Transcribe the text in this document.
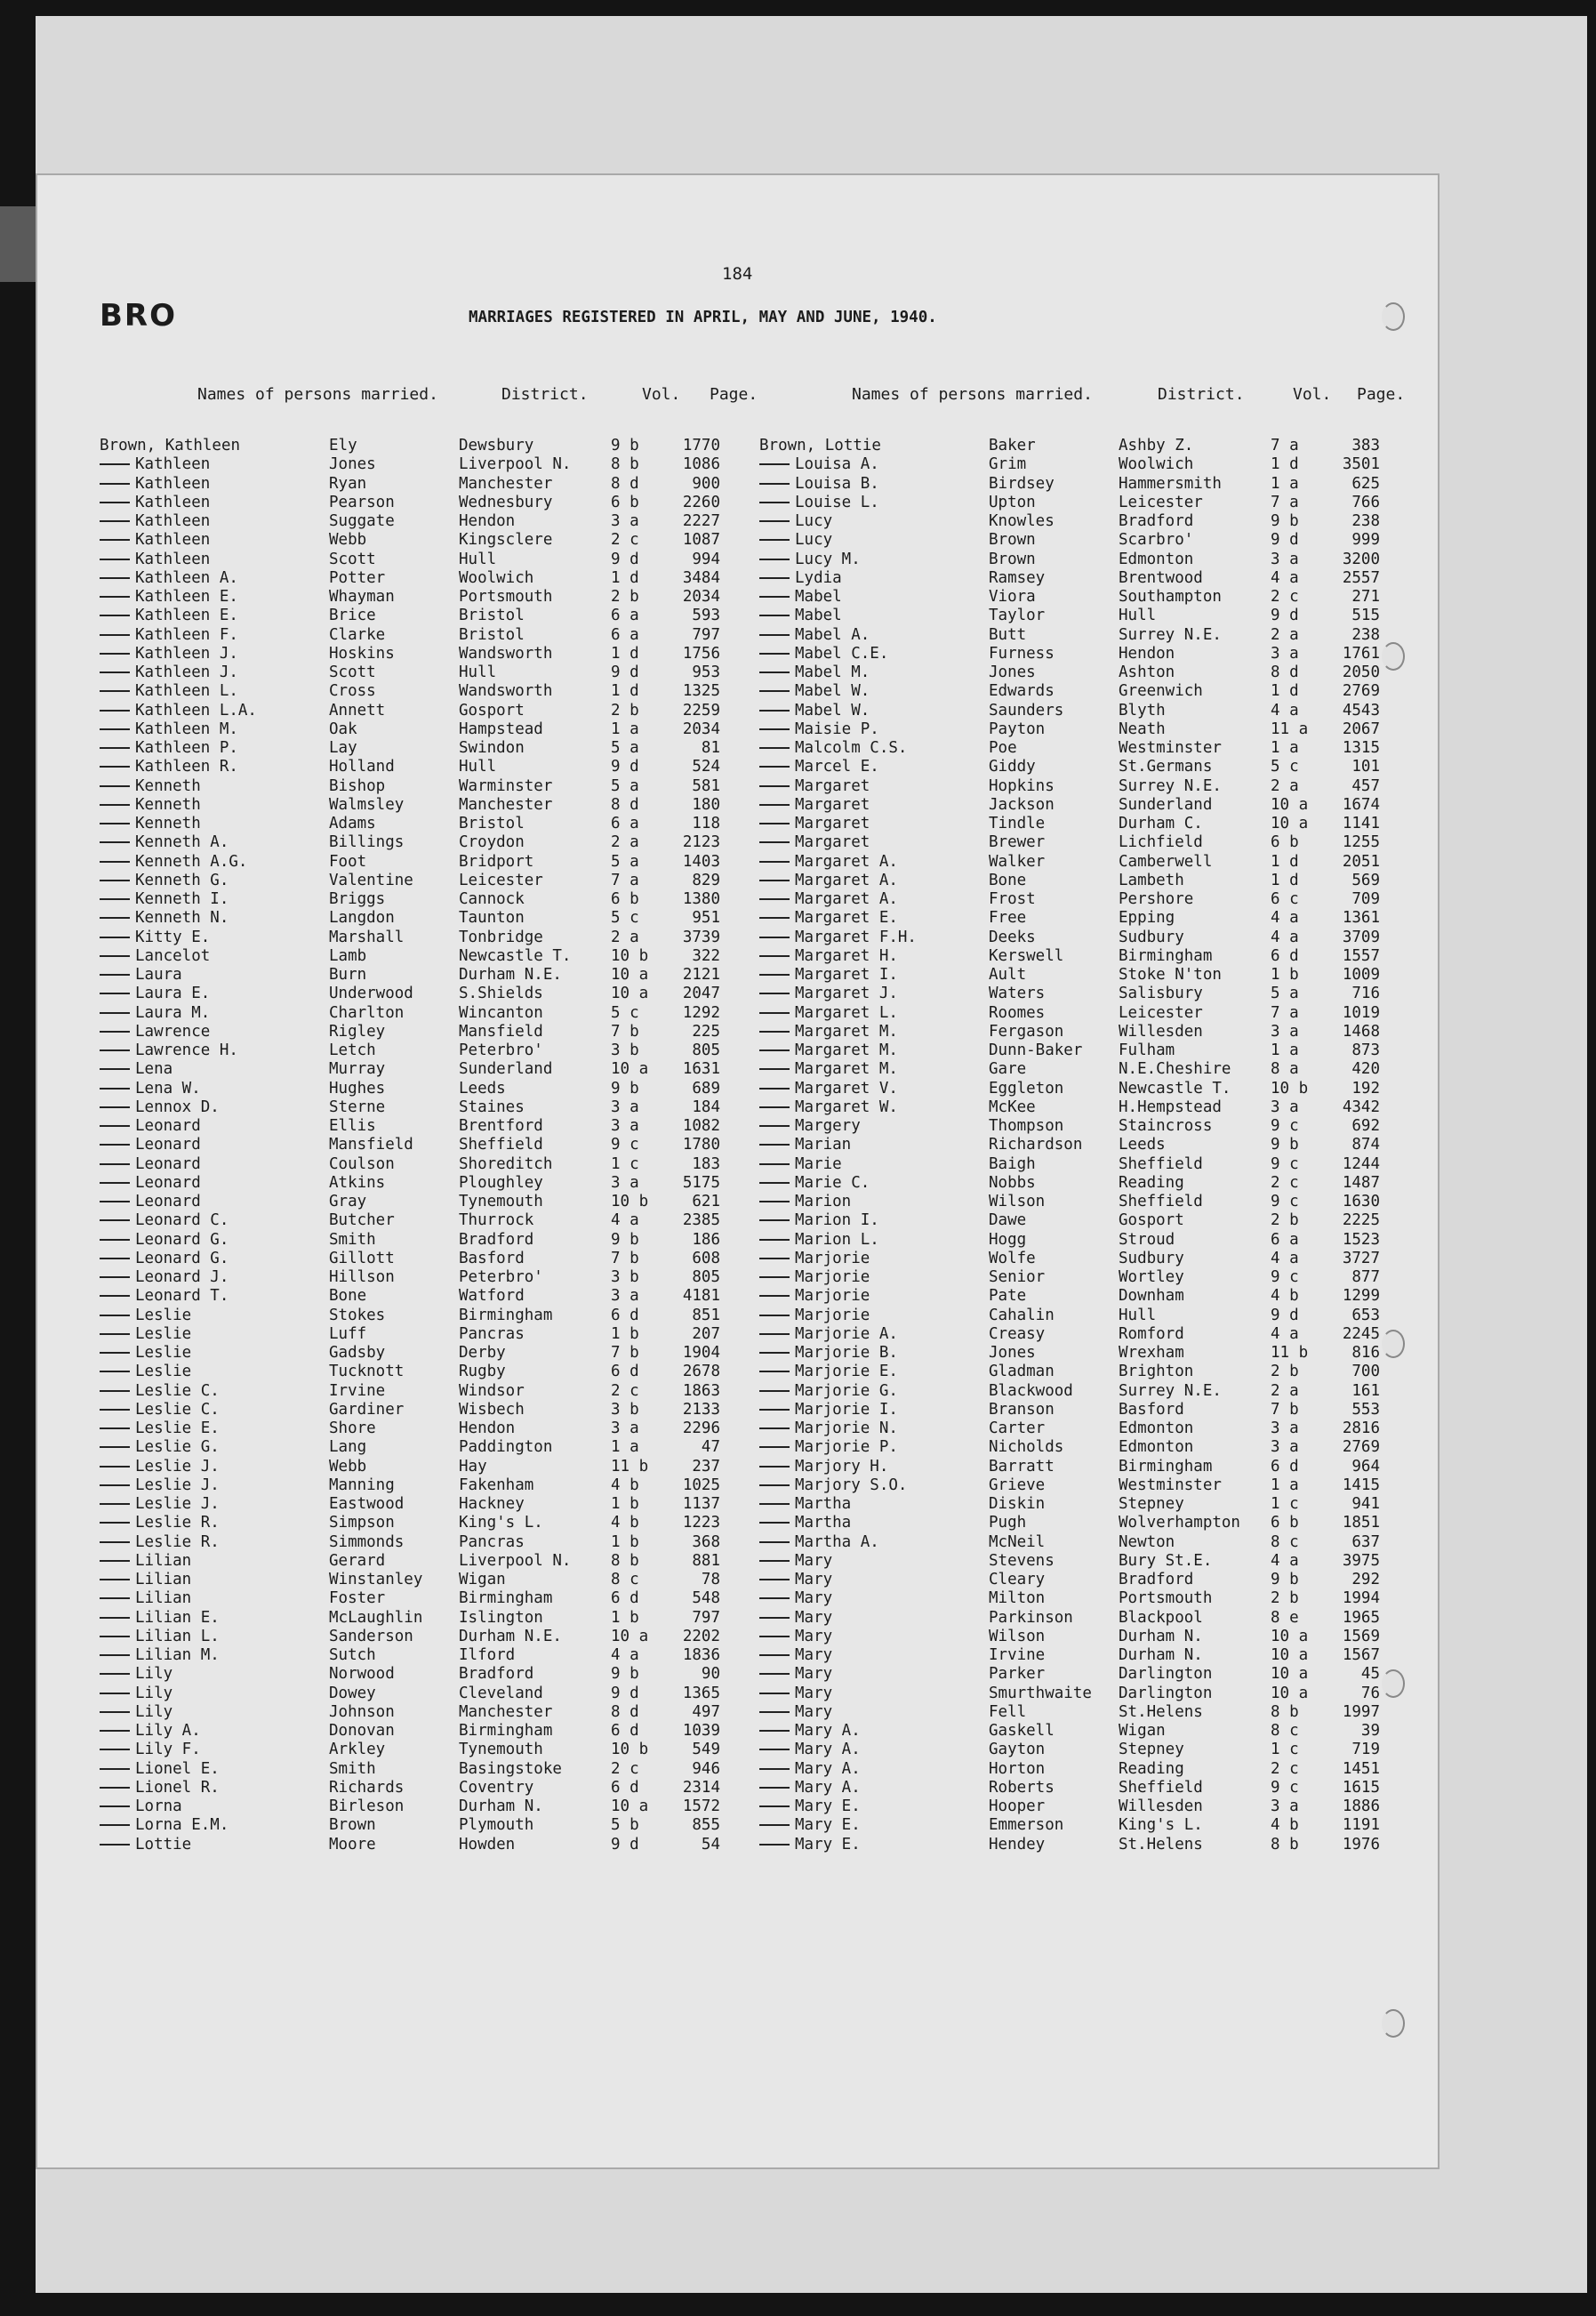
184
BRO	MARRIAGES REGISTERED IN APRIL, MAY AND JUNE, 1940.
Names of persons married.	District.	Vol. Page.
Brown, Kathleen	Ely	Dewsbury	9 b	1770
Kathleen	Jones	Liverpool N.	8 b	1086
Kathleen	Ryan	Manchester	8 d	900
Kathleen	Pearson	Wednesbury	6 b	2260
Kathleen	Suggate	Hendon	3 a	2227
Kathleen	Webb	Kingsclere	2 c	1087
Kathleen	Scott	Hull	9 d	994
Kathleen A.	Potter	Woolwich	1 d	3484
Kathleen E.	Whayman	Portsmouth	2 b	2034
Kathleen E.	Brice	Bristol	6 a	593
Kathleen F.	Clarke	Bristol	6 a	797
Kathleen J.	Hoskins	Wandsworth	1 d	1756
Kathleen J.	Scott	Hull	9 d	953
Kathleen L.	Cross	Wandsworth	1 d	1325
Kathleen L.A.	Annett	Gosport	2 b	2259
Kathleen M.	Oak	Hampstead	1 a	2034
Kathleen P.	Lay	Swindon	5 a	81
Kathleen R.	Holland	Hull	9 d	524
Kenneth	Bishop	Warminster	5 a	581
Kenneth	Walmsley	Manchester	8 d	180
Kenneth	Adams	Bristol	6 a	118
Kenneth A.	Billings	Croydon	2 a	2123
Kenneth A.G.	Foot	Bridport	5 a	1403
Kenneth G.	Valentine	Leicester	7 a	829
Kenneth I.	Briggs	Cannock	6 b	1380
Kenneth N.	Langdon	Taunton	5 c	951
Kitty E.	Marshall	Tonbridge	2 a	3739
Lancelot	Lamb	Newcastle T.	10 b	322
Laura	Burn	Durham N.E.	10 a	2121
Laura E.	Underwood	S.Shields	10 a	2047
Laura M.	Charlton	Wincanton	5 c	1292
Lawrence	Rigley	Mansfield	7 b	225
Lawrence H.	Letch	Peterbro'	3 b	805
Lena	Murray	Sunderland	10 a	1631
Lena W.	Hughes	Leeds	9 b	689
Lennox D.	Sterne	Staines	3 a	184
Leonard	Ellis	Brentford	3 a	1082
Leonard	Mansfield	Sheffield	9 c	1780
Leonard	Coulson	Shoreditch	1 c	183
Leonard	Atkins	Ploughley	3 a	5175
Leonard	Gray	Tynemouth	10 b	621
Leonard C.	Butcher	Thurrock	4 a	2385
Leonard G.	Smith	Bradford	9 b	186
Leonard G.	Gillott	Basford	7 b	608
Leonard J.	Hillson	Peterbro'	3 b	805
Leonard T.	Bone	Watford	3 a	4181
Leslie	Stokes	Birmingham	6 d	851
Leslie	Luff	Pancras	1 b	207
Leslie	Gadsby	Derby	7 b	1904
Leslie	Tucknott	Rugby	6 d	2678
Leslie C.	Irvine	Windsor	2 c	1863
Leslie C.	Gardiner	Wisbech	3 b	2133
Leslie E.	Shore	Hendon	3 a	2296
Leslie G.	Lang	Paddington	1 a	47
Leslie J.	Webb	Hay	11 b	237
Leslie J.	Manning	Fakenham	4 b	1025
Leslie J.	Eastwood	Hackney	1 b	1137
Leslie R.	Simpson	King's L.	4 b	1223
Leslie R.	Simmonds	Pancras	1 b	368
Lilian	Gerard	Liverpool N.	8 b	881
Lilian	Winstanley Wigan	8 c	78
Lilian	Foster	Birmingham	6 d	548
Lilian E.	McLaughlin Islington	1 b	797
Lilian L.	Sanderson	Durham N.E.	10 a	2202
Lilian M.	Sutch	Ilford	4 a	1836
Lily	Norwood	Bradford	9 b	90
Lily	Dowey	Cleveland	9 d	1365
Lily	Johnson	Manchester	8 d	497
Lily A.	Donovan	Birmingham	6 d	1039
Lily F.	Arkley	Tynemouth	10 b	549
Lionel E.	Smith	Basingstoke	2 c	946
Lionel R.	Richards	Coventry	6 d	2314
Lorna	Birleson	Durham N.	10 a	1572
Lorna E.M.	Brown	Plymouth	5 b	855
Lottie	Moore	Howden	9 d	54
Names of persons married.	District.	Vol. Page.
Brown, Lottie	Baker	Ashby Z.	7 a	383
Louisa A.	Grim	Woolwich	1 d	3501
Louisa B.	Birdsey	Hammersmith	1 a	625
Louise L.	Upton	Leicester	7 a	766
Lucy	Knowles	Bradford	9 b	238
Lucy	Brown	Scarbro'	9 d	999
Lucy M.	Brown	Edmonton	3 a	3200
Lydia	Ramsey	Brentwood	4 a	2557
Mabel	Viora	Southampton	2 c	271
Mabel	Taylor	Hull	9 d	515
Mabel A.	Butt	Surrey N.E.	2 a	238
Mabel C.E.	Furness	Hendon	3 a	1761
Mabel M.	Jones	Ashton	8 d	2050
Mabel W.	Edwards	Greenwich	1 d	2769
Mabel W.	Saunders	Blyth	4 a	4543
Maisie P.	Payton	Neath	11 a	2067
Malcolm C.S.	Poe	Westminster	1 a	1315
Marcel E.	Giddy	St.Germans	5 c	101
Margaret	Hopkins	Surrey N.E.	2 a	457
Margaret	Jackson	Sunderland	10 a	1674
Margaret	Tindle	Durham C.	10 a	1141
Margaret	Brewer	Lichfield	6 b	1255
Margaret A.	Walker	Camberwell	1 d	2051
Margaret A.	Bone	Lambeth	1 d	569
Margaret A.	Frost	Pershore	6 c	709
Margaret E.	Free	Epping	4 a	1361
Margaret F.H.	Deeks	Sudbury	4 a	3709
Margaret H.	Kerswell	Birmingham	6 d	1557
Margaret I.	Ault	Stoke N'ton	1 b	1009
Margaret J.	Waters	Salisbury	5 a	716
Margaret L.	Roomes	Leicester	7 a	1019
Margaret M.	Fergason	Willesden	3 a	1468
Margaret M.	Dunn-Baker Fulham	1 a	873
Margaret M.	Gare	N.E.Cheshire	8 a	420
Margaret V.	Eggleton	Newcastle T.	10 b	192
Margaret W.	McKee	H.Hempstead	3 a	4342
Margery	Thompson	Staincross	9 c	692
Marian	Richardson Leeds	9 b	874
Marie	Baigh	Sheffield	9 c	1244
Marie C.	Nobbs	Reading	2 c	1487
Marion	Wilson	Sheffield	9 c	1630
Marion I.	Dawe	Gosport	2 b	2225
Marion L.	Hogg	Stroud	6 a	1523
Marjorie	Wolfe	Sudbury	4 a	3727
Marjorie	Senior	Wortley	9 c	877
Marjorie	Pate	Downham	4 b	1299
Marjorie	Cahalin	Hull	9 d	653
Marjorie A.	Creasy	Romford	4 a	2245
Marjorie B.	Jones	Wrexham	11 b	816
Marjorie E.	Gladman	Brighton	2 b	700
Marjorie G.	Blackwood	Surrey N.E.	2 a	161
Marjorie I.	Branson	Basford	7 b	553
Marjorie N.	Carter	Edmonton	3 a	2816
Marjorie P.	Nicholds	Edmonton	3 a	2769
Marjory H.	Barratt	Birmingham	6 d	964
Marjory S.O.	Grieve	Westminster	1 a	1415
Martha	Diskin	Stepney	1 c	941
Martha	Pugh	Wolverhampton 6 b	1851
Martha A.	McNeil	Newton	8 c	637
Mary	Stevens	Bury St.E.	4 a	3975
Mary	Cleary	Bradford	9 b	292
Mary	Milton	Portsmouth	2 b	1994
Mary	Parkinson	Blackpool	8 e	1965
Mary	Wilson	Durham N.	10 a	1569
Mary	Irvine	Durham N.	10 a	1567
Mary	Parker	Darlington	10 a	45
Mary	Smurthwaite Darlington	10 a	76
Mary	Fell	St.Helens	8 b	1997
Mary A.	Gaskell	Wigan	8 c	39
Mary A.	Gayton	Stepney	1 c	719
Mary A.	Horton	Reading	2 c	1451
Mary A.	Roberts	Sheffield	9 c	1615
Mary E.	Hooper	Willesden	3 a	1886
Mary E.	Emmerson	King's L.	4 b	1191
Mary E.	Hendey	St.Helens	8 b	1976
